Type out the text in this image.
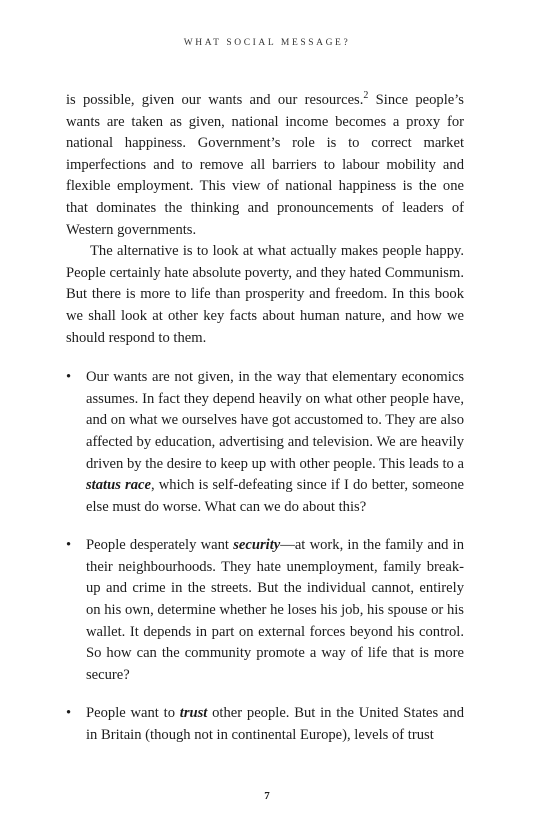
WHAT SOCIAL MESSAGE?

is possible, given our wants and our resources.$^2$ Since people’s wants are taken as given, national income becomes a proxy for national happiness. Government’s role is to correct market imperfections and to remove all barriers to labour mobility and flexible employment. This view of national happiness is the one that dominates the thinking and pronouncements of leaders of Western governments.

The alternative is to look at what actually makes people happy. People certainly hate absolute poverty, and they hated Communism. But there is more to life than prosperity and freedom. In this book we shall look at other key facts about human nature, and how we should respond to them.

• Our wants are not given, in the way that elementary economics assumes. In fact they depend heavily on what other people have, and on what we ourselves have got accustomed to. They are also affected by education, advertising and television. We are heavily driven by the desire to keep up with other people. This leads to a status race, which is self-defeating since if I do better, someone else must do worse. What can we do about this?
• People desperately want security—at work, in the family and in their neighbourhoods. They hate unemployment, family break-up and crime in the streets. But the individual cannot, entirely on his own, determine whether he loses his job, his spouse or his wallet. It depends in part on external forces beyond his control. So how can the community promote a way of life that is more secure?
• People want to trust other people. But in the United States and in Britain (though not in continental Europe), levels of trust
7
